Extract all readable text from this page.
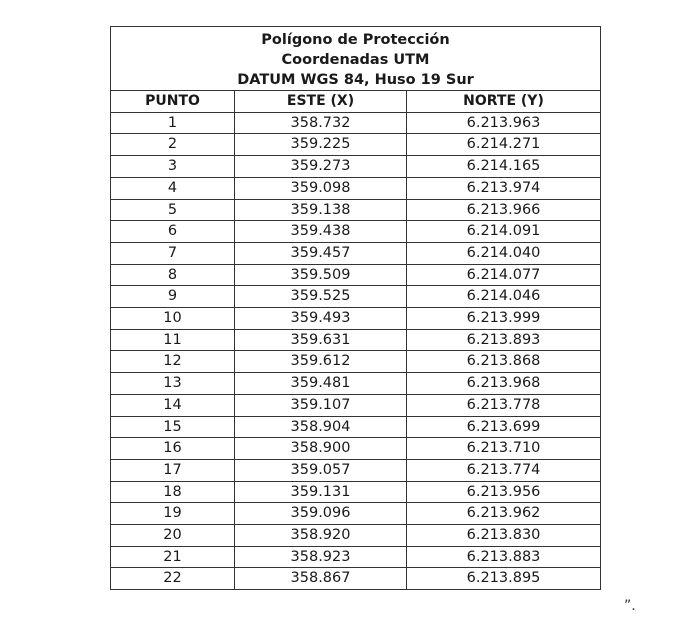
Polígono de Protección
Coordenadas UTM
DATUM WGS 84, Huso 19 Sur		

PUNTO	ESTE (X)	NORTE (Y)
1	358.732	6.213.963
2	359.225	6.214.271
3	359.273	6.214.165
4	359.098	6.213.974
5	359.138	6.213.966
6	359.438	6.214.091
7	359.457	6.214.040
8	359.509	6.214.077
9	359.525	6.214.046
10	359.493	6.213.999
11	359.631	6.213.893
12	359.612	6.213.868
13	359.481	6.213.968
14	359.107	6.213.778
15	358.904	6.213.699
16	358.900	6.213.710
17	359.057	6.213.774
18	359.131	6.213.956
19	359.096	6.213.962
20	358.920	6.213.830
21	358.923	6.213.883
22	358.867	6.213.895
”.
